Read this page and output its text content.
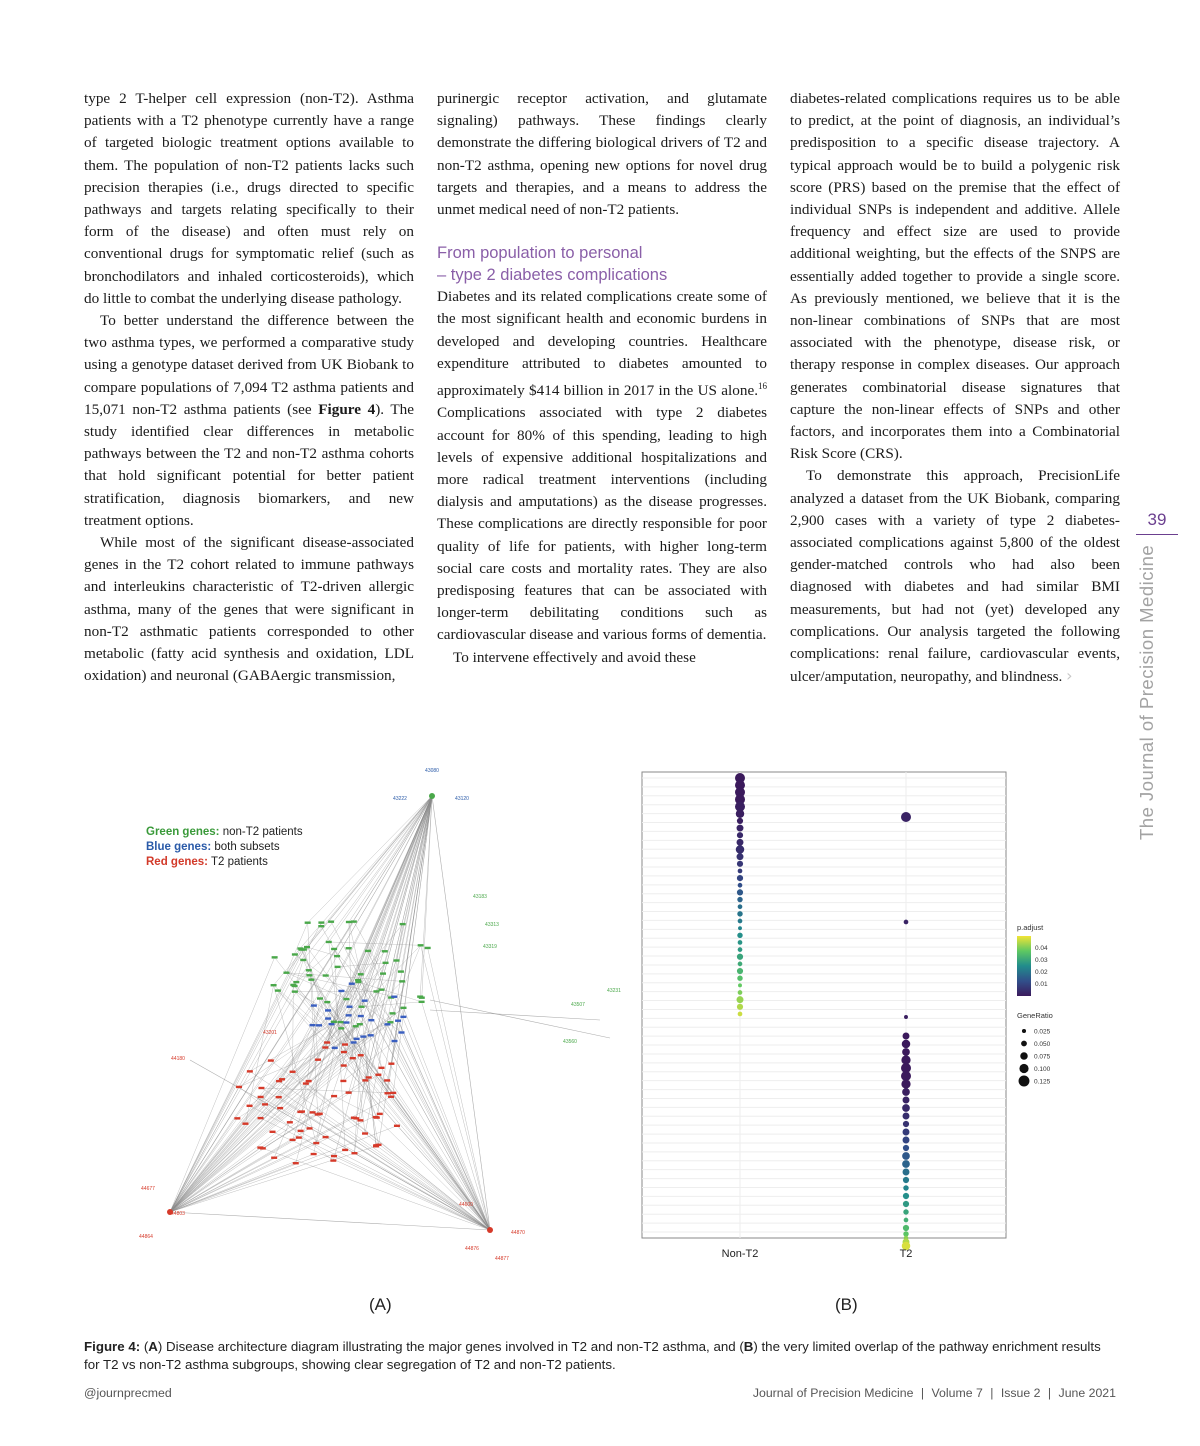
type 2 T-helper cell expression (non-T2). Asthma patients with a T2 phenotype currently have a range of targeted biologic treatment options available to them. The population of non-T2 patients lacks such precision therapies (i.e., drugs directed to specific pathways and targets relating specifically to their form of the disease) and often must rely on conventional drugs for symptomatic relief (such as bronchodilators and inhaled corticosteroids), which do little to combat the underlying disease pathology.

To better understand the difference between the two asthma types, we performed a comparative study using a genotype dataset derived from UK Biobank to compare populations of 7,094 T2 asthma patients and 15,071 non-T2 asthma patients (see Figure 4). The study identified clear differences in metabolic pathways between the T2 and non-T2 asthma cohorts that hold significant potential for better patient stratification, diagnosis biomarkers, and new treatment options.

While most of the significant disease-associated genes in the T2 cohort related to immune pathways and interleukins characteristic of T2-driven allergic asthma, many of the genes that were significant in non-T2 asthmatic patients corresponded to other metabolic (fatty acid synthesis and oxidation, LDL oxidation) and neuronal (GABAergic transmission,

purinergic receptor activation, and glutamate signaling) pathways. These findings clearly demonstrate the differing biological drivers of T2 and non-T2 asthma, opening new options for novel drug targets and therapies, and a means to address the unmet medical need of non-T2 patients.

From population to personal
– type 2 diabetes complications

Diabetes and its related complications create some of the most significant health and economic burdens in developed and developing countries. Healthcare expenditure attributed to diabetes amounted to approximately $414 billion in 2017 in the US alone.$^{16}$ Complications associated with type 2 diabetes account for 80% of this spending, leading to high levels of expensive additional hospitalizations and more radical treatment interventions (including dialysis and amputations) as the disease progresses. These complications are directly responsible for poor quality of life for patients, with higher long-term social care costs and mortality rates. They are also predisposing features that can be associated with longer-term debilitating conditions such as cardiovascular disease and various forms of dementia.

To intervene effectively and avoid these

diabetes-related complications requires us to be able to predict, at the point of diagnosis, an individual’s predisposition to a specific disease trajectory. A typical approach would be to build a polygenic risk score (PRS) based on the premise that the effect of individual SNPs is independent and additive. Allele frequency and effect size are used to provide additional weighting, but the effects of the SNPS are essentially added together to provide a single score. As previously mentioned, we believe that it is the non-linear combinations of SNPs that are most associated with the phenotype, disease risk, or therapy response in complex diseases. Our approach generates combinatorial disease signatures that capture the non-linear effects of SNPs and other factors, and incorporates them into a Combinatorial Risk Score (CRS).

To demonstrate this approach, PrecisionLife analyzed a dataset from the UK Biobank, comparing 2,900 cases with a variety of type 2 diabetes-associated complications against 5,800 of the oldest gender-matched controls who had also been diagnosed with diabetes and had similar BMI measurements, but had not (yet) developed any complications. Our analysis targeted the following complications: renal failure, cardiovascular events, ulcer/amputation, neuropathy, and blindness. ›

39
The Journal of Precision Medicine
43080
43222	43120
44677
44864
44803
44600
44870
44876
44877
43231
43319
43183
43313
44180
43201
43507
43560
Green genes: non-T2 patients
Blue genes: both subsets
Red genes: T2 patients
Non-T2	T2
p.adjust
0.04
0.03
0.02
0.01
GeneRatio
0.025
0.050
0.075
0.100
0.125
(A)	(B)
Figure 4: (A) Disease architecture diagram illustrating the major genes involved in T2 and non-T2 asthma, and (B) the very limited overlap of the pathway enrichment results for T2 vs non-T2 asthma subgroups, showing clear segregation of T2 and non-T2 patients.
@journprecmed	Journal of Precision Medicine | Volume 7 | Issue 2 | June 2021
